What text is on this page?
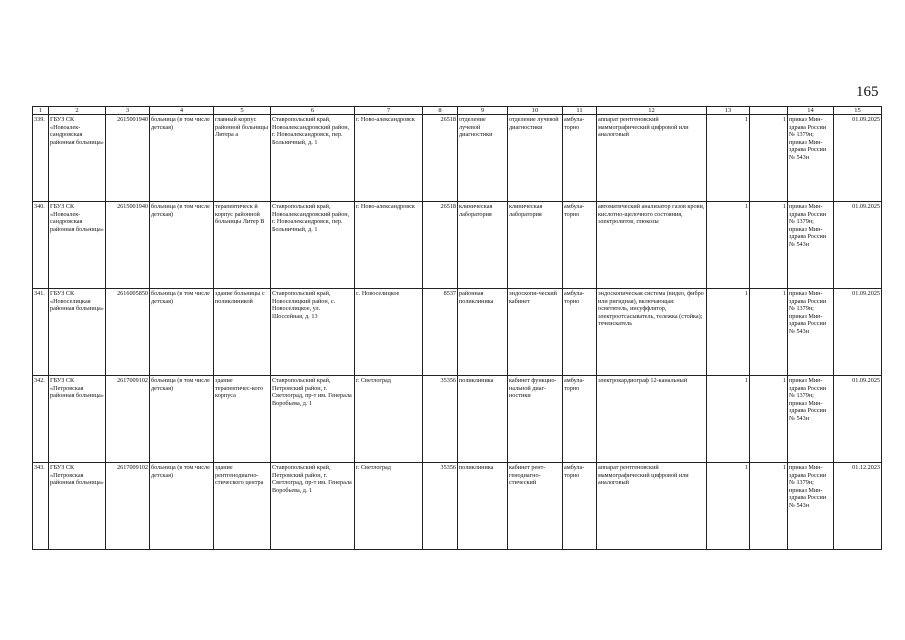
165
1	2	3	4	5	6	7	8	9	10	11	12	13		14	15
339.	ГБУЗ СК «Новоалек-сандровская районная больница»	2615001940	больница (в том числе детская)	главный корпус районной больницы Литера а	Ставропольский край, Новоалександровский район, г. Новоалександровск, пер. Больничный, д. 1	г. Ново-александровск	26518	отделение лучевой диагностики	отделение лучевой диагностики	амбула-торно	аппарат рентгеновский маммографический цифровой или аналоговый	1	1	приказ Мин-здрава России № 1379н; приказ Мин-здрава России № 543н	01.09.2025
340.	ГБУЗ СК «Новоалек-сандровская районная больница»	2615001940	больница (в том числе детская)	терапевтическ й корпус районной больницы Литер В	Ставропольский край, Новоалександровский район, г. Новоалександровск, пер. Больничный, д. 1	г. Ново-александровск	26518	клиническая лаборатория	клиническая лаборатория	амбула-торно	автоматический анализатор газов крови, кислотно-щелочного состояния, электролитов, глюкозы	1	1	приказ Мин-здрава России № 1379н; приказ Мин-здрава России № 543н	01.09.2025
341.	ГБУЗ СК «Новоселицкая районная больница»	2616005850	больница (в том числе детская)	здание больницы с поликлиникой	Ставропольский край, Новоселицкий район, с. Новоселицкое, ул. Шоссейная, д. 13	с. Новоселицкое	8537	районная поликлиника	эндоскопи-ческий кабинет	амбула-торно	эндоскопическая система (видео, фибро или ригидная), включающая: осветитель, инсуффлятор, электроотсасыватель, тележка (стойка); течеискатель	1	1	приказ Мин-здрава России № 1379н; приказ Мин-здрава России № 543н	01.09.2025
342.	ГБУЗ СК «Петровская районная больница»	2617009102	больница (в том числе детская)	здание терапевтичес-кого корпуса	Ставропольский край, Петровский район, г. Светлоград, пр-т им. Генерала Воробьева, д. 1	г. Светлоград	35356	поликлиника	кабинет функцио-нальной диаг-ностики	амбула-торно	электрокардиограф 12-канальный	1	1	приказ Мин-здрава России № 1379н; приказ Мин-здрава России № 543н	01.09.2025
343.	ГБУЗ СК «Петровская районная больница»	2617009102	больница (в том числе детская)	здание рентгенодиагно-стического центра	Ставропольский край, Петровский район, г. Светлоград, пр-т им. Генерала Воробьева, д. 1	г. Светлоград	35356	поликлиника	кабинет рент-генодиагно-стический	амбула-торно	аппарат рентгеновский маммографический цифровой или аналоговый	1	1	приказ Мин-здрава России № 1379н; приказ Мин-здрава России № 543н	01.12.2023
